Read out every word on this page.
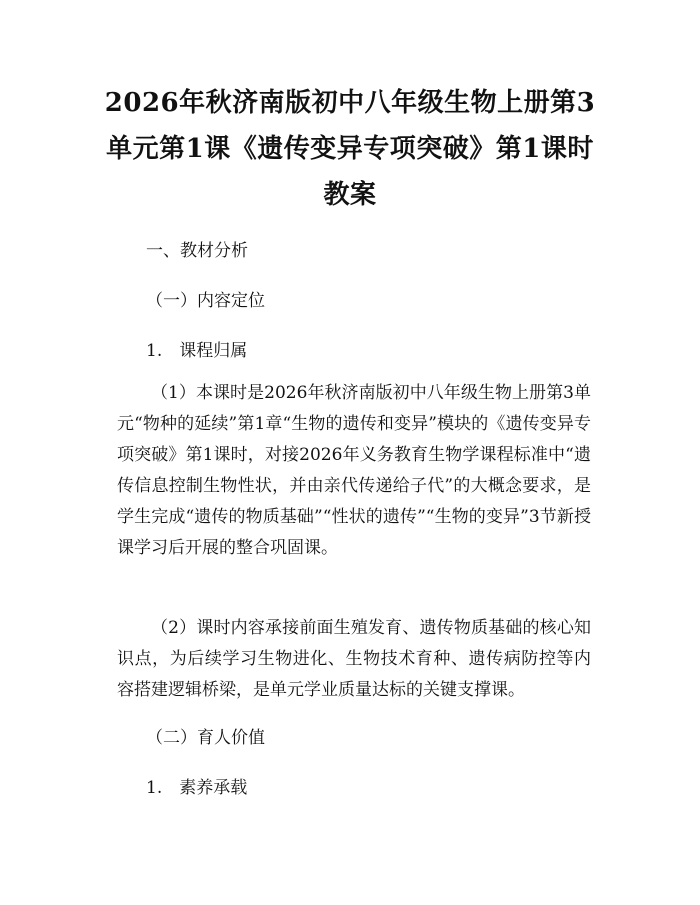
2026年秋济南版初中八年级生物上册第3单元第1课《遗传变异专项突破》第1课时教案

一、教材分析

（一）内容定位

1.　课程归属

（1）本课时是2026年秋济南版初中八年级生物上册第3单元“物种的延续”第1章“生物的遗传和变异”模块的《遗传变异专项突破》第1课时，对接2026年义务教育生物学课程标准中“遗传信息控制生物性状，并由亲代传递给子代”的大概念要求，是学生完成“遗传的物质基础”“性状的遗传”“生物的变异”3节新授课学习后开展的整合巩固课。

（2）课时内容承接前面生殖发育、遗传物质基础的核心知识点，为后续学习生物进化、生物技术育种、遗传病防控等内容搭建逻辑桥梁，是单元学业质量达标的关键支撑课。

（二）育人价值

1.　素养承载
